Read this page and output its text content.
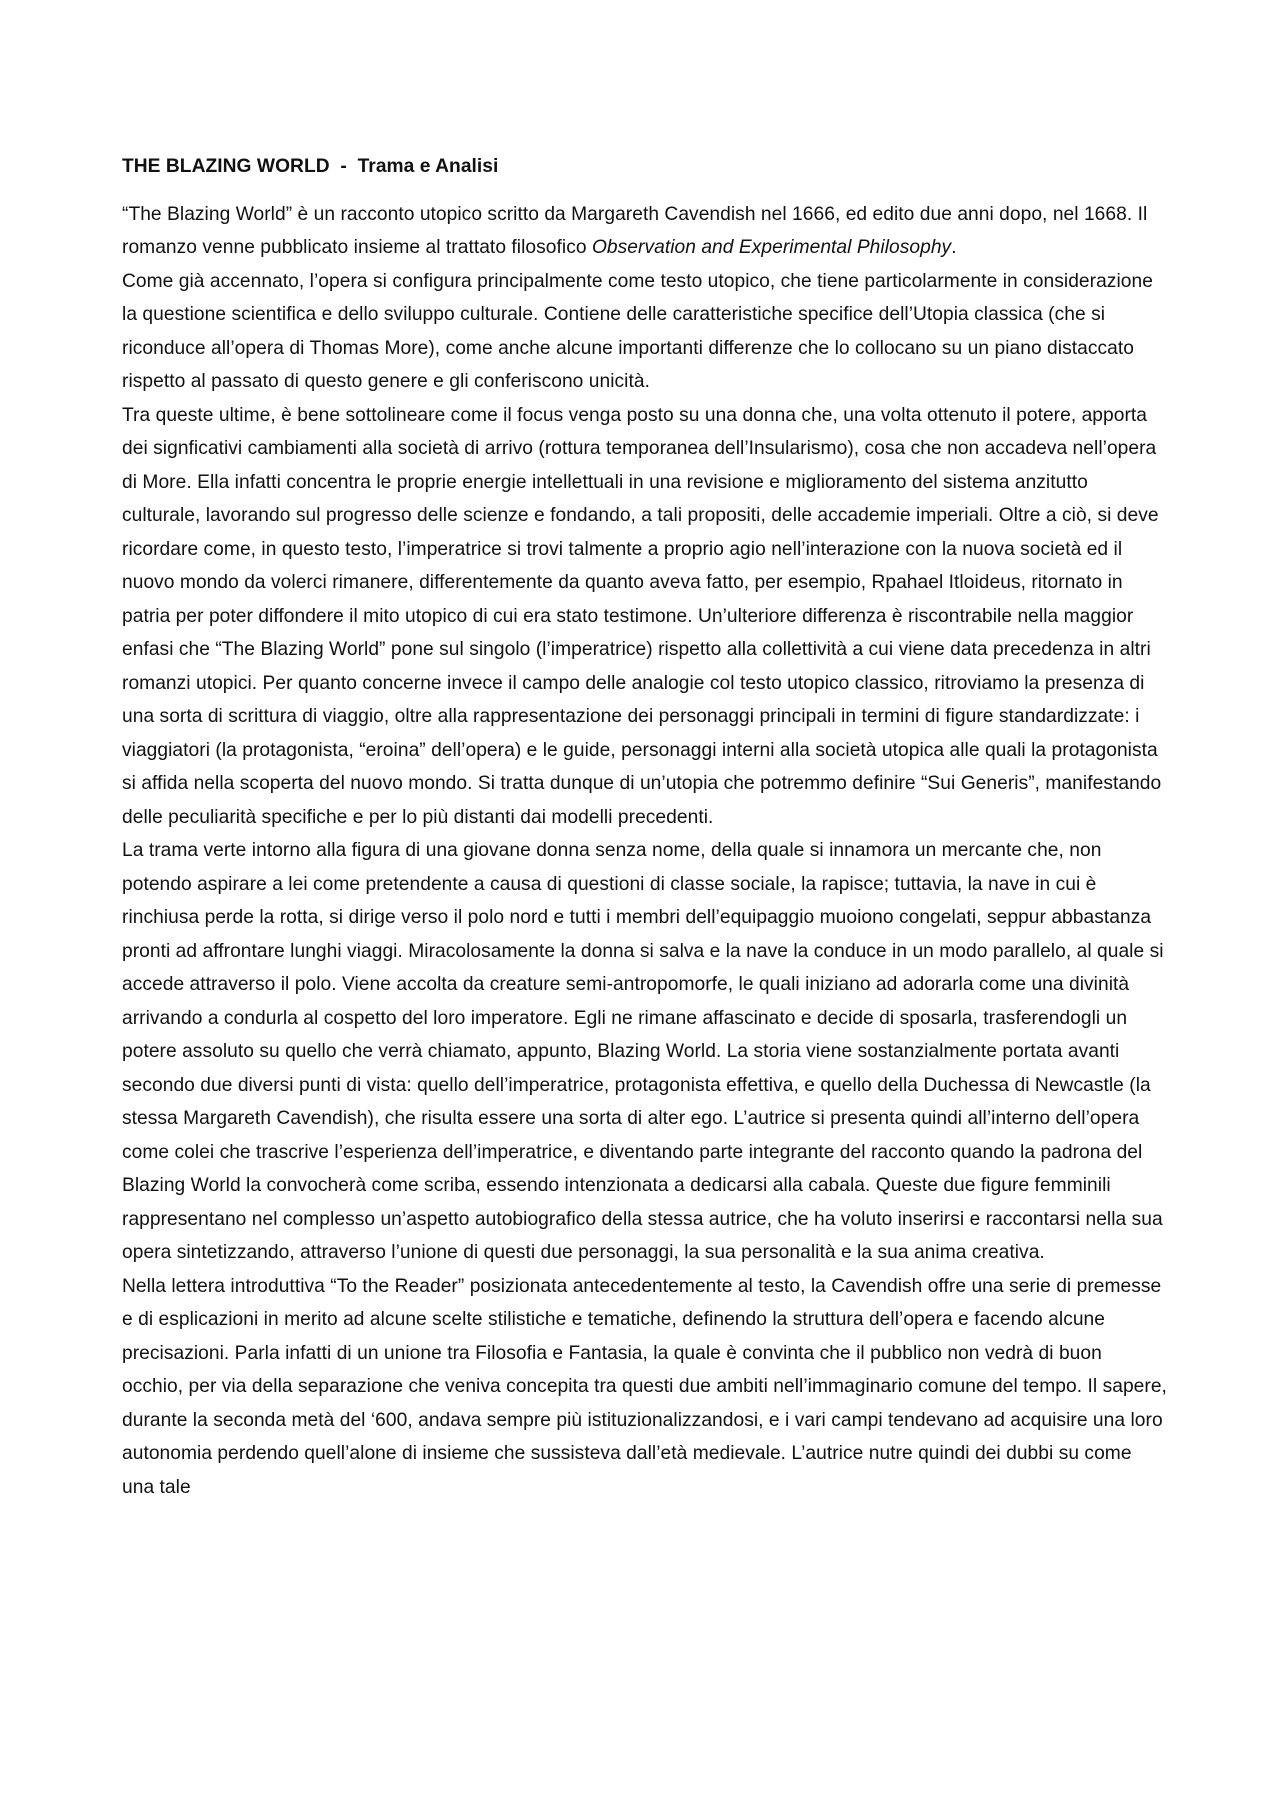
THE BLAZING WORLD  -  Trama e Analisi

“The Blazing World” è un racconto utopico scritto da Margareth Cavendish nel 1666, ed edito due anni dopo, nel 1668. Il romanzo venne pubblicato insieme al trattato filosofico Observation and Experimental Philosophy.

Come già accennato, l’opera si configura principalmente come testo utopico, che tiene particolarmente in considerazione la questione scientifica e dello sviluppo culturale. Contiene delle caratteristiche specifice dell’Utopia classica (che si riconduce all’opera di Thomas More), come anche alcune importanti differenze che lo collocano su un piano distaccato rispetto al passato di questo genere e gli conferiscono unicità.

Tra queste ultime, è bene sottolineare come il focus venga posto su una donna che, una volta ottenuto il potere, apporta dei signficativi cambiamenti alla società di arrivo (rottura temporanea dell’Insularismo), cosa che non accadeva nell’opera di More. Ella infatti concentra le proprie energie intellettuali in una revisione e miglioramento del sistema anzitutto culturale, lavorando sul progresso delle scienze e fondando, a tali propositi, delle accademie imperiali. Oltre a ciò, si deve ricordare come, in questo testo, l’imperatrice si trovi talmente a proprio agio nell’interazione con la nuova società ed il nuovo mondo da volerci rimanere, differentemente da quanto aveva fatto, per esempio, Rpahael Itloideus, ritornato in patria per poter diffondere il mito utopico di cui era stato testimone. Un’ulteriore differenza è riscontrabile nella maggior enfasi che “The Blazing World” pone sul singolo (l’imperatrice) rispetto alla collettività a cui viene data precedenza in altri romanzi utopici. Per quanto concerne invece il campo delle analogie col testo utopico classico, ritroviamo la presenza di una sorta di scrittura di viaggio, oltre alla rappresentazione dei personaggi principali in termini di figure standardizzate: i viaggiatori (la protagonista, “eroina” dell’opera) e le guide, personaggi interni alla società utopica alle quali la protagonista si affida nella scoperta del nuovo mondo. Si tratta dunque di un’utopia che potremmo definire “Sui Generis”, manifestando delle peculiarità specifiche e per lo più distanti dai modelli precedenti.

La trama verte intorno alla figura di una giovane donna senza nome, della quale si innamora un mercante che, non potendo aspirare a lei come pretendente a causa di questioni di classe sociale, la rapisce; tuttavia, la nave in cui è rinchiusa perde la rotta, si dirige verso il polo nord e tutti i membri dell’equipaggio muoiono congelati, seppur abbastanza pronti ad affrontare lunghi viaggi. Miracolosamente la donna si salva e la nave la conduce in un modo parallelo, al quale si accede attraverso il polo. Viene accolta da creature semi-antropomorfe, le quali iniziano ad adorarla come una divinità arrivando a condurla al cospetto del loro imperatore. Egli ne rimane affascinato e decide di sposarla, trasferendogli un potere assoluto su quello che verrà chiamato, appunto, Blazing World. La storia viene sostanzialmente portata avanti secondo due diversi punti di vista: quello dell’imperatrice, protagonista effettiva, e quello della Duchessa di Newcastle (la stessa Margareth Cavendish), che risulta essere una sorta di alter ego. L’autrice si presenta quindi all’interno dell’opera come colei che trascrive l’esperienza dell’imperatrice, e diventando parte integrante del racconto quando la padrona del Blazing World la convocherà come scriba, essendo intenzionata a dedicarsi alla cabala. Queste due figure femminili rappresentano nel complesso un’aspetto autobiografico della stessa autrice, che ha voluto inserirsi e raccontarsi nella sua opera sintetizzando, attraverso l’unione di questi due personaggi, la sua personalità e la sua anima creativa.

Nella lettera introduttiva “To the Reader” posizionata antecedentemente al testo, la Cavendish offre una serie di premesse e di esplicazioni in merito ad alcune scelte stilistiche e tematiche, definendo la struttura dell’opera e facendo alcune precisazioni. Parla infatti di un unione tra Filosofia e Fantasia, la quale è convinta che il pubblico non vedrà di buon occhio, per via della separazione che veniva concepita tra questi due ambiti nell’immaginario comune del tempo. Il sapere, durante la seconda metà del ‘600, andava sempre più istituzionalizzandosi, e i vari campi tendevano ad acquisire una loro autonomia perdendo quell’alone di insieme che sussisteva dall’età medievale. L’autrice nutre quindi dei dubbi su come una tale
